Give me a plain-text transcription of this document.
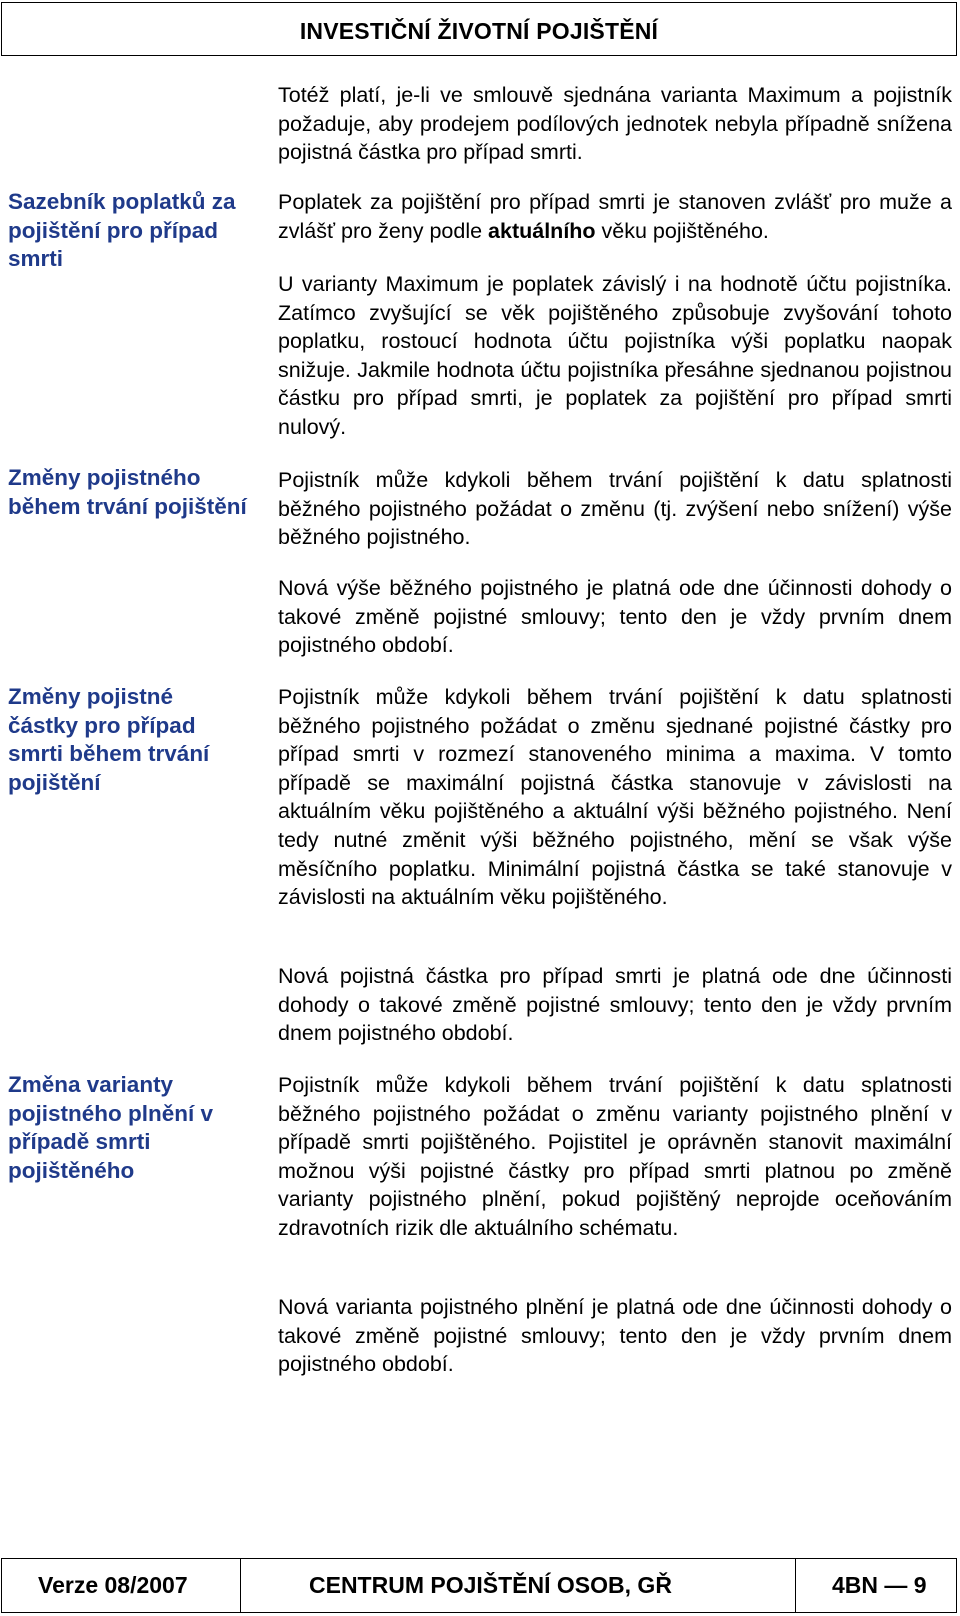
INVESTIČNÍ ŽIVOTNÍ POJIŠTĚNÍ
Sazebník poplatků za pojištění pro případ smrti
Změny pojistného během trvání pojištění
Změny pojistné částky pro případ smrti během trvání pojištění
Změna varianty pojistného plnění v případě smrti pojištěného
Totéž platí, je-li ve smlouvě sjednána varianta Maximum a pojistník požaduje, aby prodejem podílových jednotek nebyla případně snížena pojistná částka pro případ smrti.
Poplatek za pojištění pro případ smrti je stanoven zvlášť pro muže a zvlášť pro ženy podle aktuálního věku pojištěného.
U varianty Maximum je poplatek závislý i na hodnotě účtu pojistníka. Zatímco zvyšující se věk pojištěného způsobuje zvyšování tohoto poplatku, rostoucí hodnota účtu pojistníka výši poplatku naopak snižuje. Jakmile hodnota účtu pojistníka přesáhne sjednanou pojistnou částku pro případ smrti, je poplatek za pojištění pro případ smrti nulový.
Pojistník může kdykoli během trvání pojištění k datu splatnosti běžného pojistného požádat o změnu (tj. zvýšení nebo snížení) výše běžného pojistného.
Nová výše běžného pojistného je platná ode dne účinnosti dohody o takové změně pojistné smlouvy; tento den je vždy prvním dnem pojistného období.
Pojistník může kdykoli během trvání pojištění k datu splatnosti běžného pojistného požádat o změnu sjednané pojistné částky pro případ smrti v rozmezí stanoveného minima a maxima. V tomto případě se maximální pojistná částka stanovuje v závislosti na aktuálním věku pojištěného a aktuální výši běžného pojistného. Není tedy nutné změnit výši běžného pojistného, mění se však výše měsíčního poplatku. Minimální pojistná částka se také stanovuje v závislosti na aktuálním věku pojištěného.
Nová pojistná částka pro případ smrti je platná ode dne účinnosti dohody o takové změně pojistné smlouvy; tento den je vždy prvním dnem pojistného období.
Pojistník může kdykoli během trvání pojištění k datu splatnosti běžného pojistného požádat o změnu varianty pojistného plnění v případě smrti pojištěného. Pojistitel je oprávněn stanovit maximální možnou výši pojistné částky pro případ smrti platnou po změně varianty pojistného plnění, pokud pojištěný neprojde oceňováním zdravotních rizik dle aktuálního schématu.
Nová varianta pojistného plnění je platná ode dne účinnosti dohody o takové změně pojistné smlouvy; tento den je vždy prvním dnem pojistného období.
Verze 08/2007	CENTRUM POJIŠTĚNÍ OSOB, GŘ	4BN — 9
